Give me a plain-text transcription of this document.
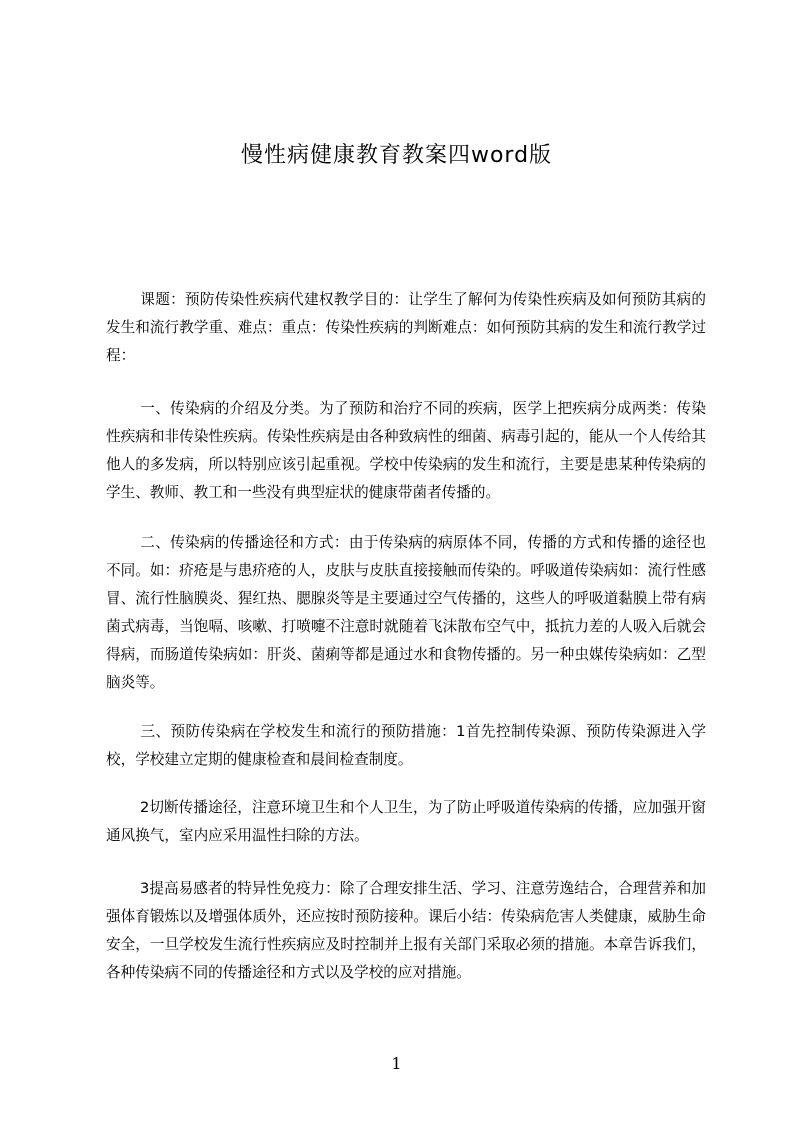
慢性病健康教育教案四word版

课题：预防传染性疾病代建权教学目的：让学生了解何为传染性疾病及如何预防其病的发生和流行教学重、难点：重点：传染性疾病的判断难点：如何预防其病的发生和流行教学过程：

一、传染病的介绍及分类。为了预防和治疗不同的疾病，医学上把疾病分成两类：传染性疾病和非传染性疾病。传染性疾病是由各种致病性的细菌、病毒引起的，能从一个人传给其他人的多发病，所以特别应该引起重视。学校中传染病的发生和流行，主要是患某种传染病的学生、教师、教工和一些没有典型症状的健康带菌者传播的。

二、传染病的传播途径和方式：由于传染病的病原体不同，传播的方式和传播的途径也不同。如：疥疮是与患疥疮的人，皮肤与皮肤直接接触而传染的。呼吸道传染病如：流行性感冒、流行性脑膜炎、猩红热、腮腺炎等是主要通过空气传播的，这些人的呼吸道黏膜上带有病菌式病毒，当饱嗝、咳嗽、打喷嚏不注意时就随着飞沫散布空气中，抵抗力差的人吸入后就会得病，而肠道传染病如：肝炎、菌痢等都是通过水和食物传播的。另一种虫媒传染病如：乙型脑炎等。

三、预防传染病在学校发生和流行的预防措施：1首先控制传染源、预防传染源进入学校，学校建立定期的健康检查和晨间检查制度。

2切断传播途径，注意环境卫生和个人卫生，为了防止呼吸道传染病的传播，应加强开窗通风换气，室内应采用温性扫除的方法。

3提高易感者的特异性免疫力：除了合理安排生活、学习、注意劳逸结合，合理营养和加强体育锻炼以及增强体质外，还应按时预防接种。课后小结：传染病危害人类健康，威胁生命安全，一旦学校发生流行性疾病应及时控制并上报有关部门采取必须的措施。本章告诉我们，各种传染病不同的传播途径和方式以及学校的应对措施。

1
